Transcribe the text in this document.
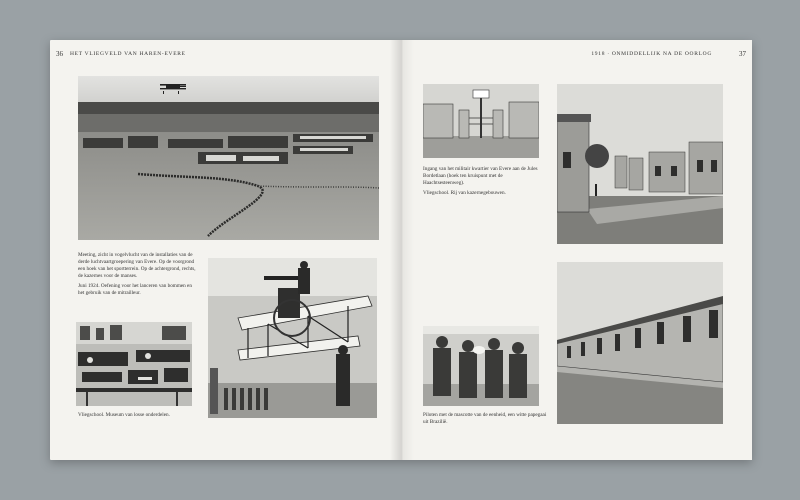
36 HET VLIEGVELD VAN HAREN-EVERE

Meeting, zicht in vogelvlucht van de installaties van de derde luchtvaartgroepering van Evere. Op de voorgrond een hoek van het sportterrein. Op de achtergrond, rechts, de kazernes voor de manses.

Juni 1924. Oefening voor het lanceren van bommen en het gebruik van de mitrailleur.

Vliegschool. Museum van losse onderdelen.
1918 · ONMIDDELLIJK NA DE OORLOG	37

Ingang van het militair kwartier van Evere aan de Jules Bordetlaan (hoek ten kruispunt met de Haachtsesteenweg).

Vliegschool. Rij van kazernegebouwen.

Piloten met de mascotte van de eenheid, een witte papegaai uit Brazilië.
